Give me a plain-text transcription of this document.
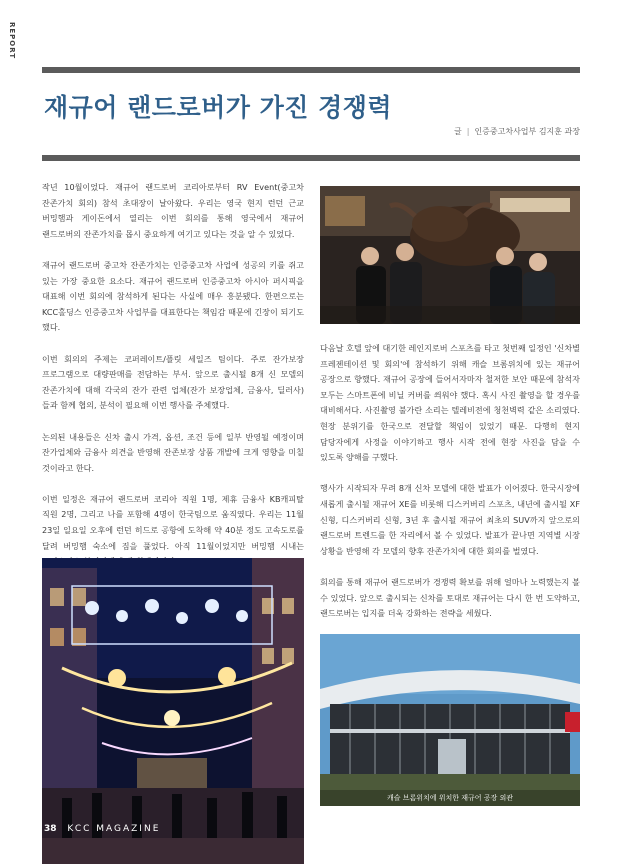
REPORT
재규어 랜드로버가 가진 경쟁력
글 | 인증중고차사업부 김지훈 과장

작년 10월이었다. 재규어 랜드로버 코리아로부터 RV Event(중고차 잔존가치 회의) 참석 초대장이 날아왔다. 우리는 영국 현지 런던 근교 버밍햄과 게이돈에서 열리는 이번 회의를 통해 영국에서 재규어 랜드로버의 잔존가치를 몹시 중요하게 여기고 있다는 것을 알 수 있었다.

재규어 랜드로버 중고차 잔존가치는 인증중고차 사업에 성공의 키를 쥐고 있는 가장 중요한 요소다. 재규어 랜드로버 인증중고차 아시아 퍼시픽을 대표해 이번 회의에 참석하게 된다는 사실에 매우 흥분됐다. 한편으로는 KCC홀딩스 인증중고차 사업부를 대표한다는 책임감 때문에 긴장이 되기도 했다.

이번 회의의 주제는 코퍼레이트/플릿 세일즈 팀이다. 주로 잔가보장 프로그램으로 대량판매를 전담하는 부서. 앞으로 출시될 8개 신 모델의 잔존가치에 대해 각국의 잔가 관련 업체(잔가 보장업체, 금융사, 딜러사)들과 함께 협의, 분석이 필요해 이번 행사를 주체했다.

논의된 내용들은 신차 출시 가격, 옵션, 조건 등에 일부 반영될 예정이며 잔가업체와 금융사 의견을 반영해 잔존보장 상품 개발에 크게 영향을 미칠 것이라고 한다.

이번 일정은 재규어 랜드로버 코리아 직원 1명, 제휴 금융사 KB캐피탈 직원 2명, 그리고 나를 포함해 4명이 한국팀으로 움직였다. 우리는 11월 23일 일요일 오후에 런던 히드로 공항에 도착해 약 40분 정도 고속도로를 달려 버밍햄 숙소에 짐을 풀었다. 아직 11월이었지만 버밍햄 시내는

다음날 호텔 앞에 대기한 레인지로버 스포츠를 타고 첫번째 일정인 '신차별 프레젠테이션 및 회의'에 참석하기 위해 캐슬 브롬위치에 있는 재규어 공장으로 향했다. 재규어 공장에 들어서자마자 철저한 보안 때문에 참석자 모두는 스마트폰에 비닐 커버를 씌워야 했다. 혹시 사진 촬영을 할 경우를 대비해서다. 사진촬영 불가란 소리는 텔레비전에 청천벽력 같은 소리였다. 현장 분위기를 한국으로 전달할 책임이 있었기 때문. 다행히 현지 담당자에게 사정을 이야기하고 행사 시작 전에 현장 사진을 담을 수 있도록 양해를 구했다.

행사가 시작되자 무려 8개 신차 모델에 대한 발표가 이어졌다. 한국시장에 새롭게 출시될 재규어 XE를 비롯해 디스커버리 스포츠, 내년에 출시될 XF 신형, 디스커버리 신형, 3년 후 출시될 재규어 최초의 SUV까지 앞으로의 랜드로버 트렌드를 한 자리에서 볼 수 있었다. 발표가 끝나면 지역별 시장 상황을 반영해 각 모델의 향후 잔존가치에 대한 회의를 벌였다.

회의를 통해 재규어 랜드로버가 경쟁력 확보를 위해 얼마나 노력했는지 볼 수 있었다. 앞으로 출시되는 신차를 토대로 재규어는 다시 한 번 도약하고, 랜드로버는 입지를 더욱 강화하는 전략을 세웠다.

캐슬 브롬위치에 위치한 재규어 공장 외관
38 KCC MAGAZINE
